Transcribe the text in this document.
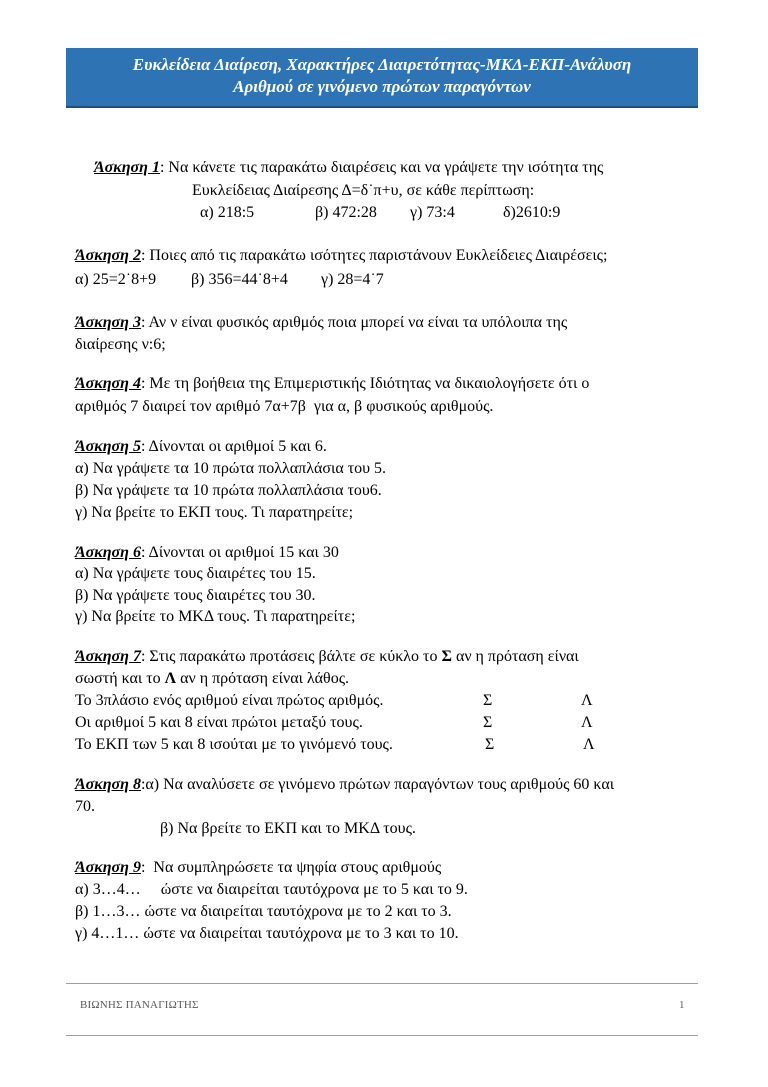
Ευκλείδεια Διαίρεση, Χαρακτήρες Διαιρετότητας-ΜΚΔ-ΕΚΠ-Ανάλυση
Αριθμού σε γινόμενο πρώτων παραγόντων
Άσκηση 1: Να κάνετε τις παρακάτω διαιρέσεις και να γράψετε την ισότητα της
Ευκλείδειας Διαίρεσης Δ=δ˙π+υ, σε κάθε περίπτωση:
α) 218:5	β) 472:28 γ) 73:4	δ)2610:9
Άσκηση 2: Ποιες από τις παρακάτω ισότητες παριστάνουν Ευκλείδειες Διαιρέσεις;
α) 25=2˙8+9 β) 356=44˙8+4 γ) 28=4˙7
Άσκηση 3: Αν ν είναι φυσικός αριθμός ποια μπορεί να είναι τα υπόλοιπα της
διαίρεσης ν:6;
Άσκηση 4: Με τη βοήθεια της Επιμεριστικής Ιδιότητας να δικαιολογήσετε ότι ο
αριθμός 7 διαιρεί τον αριθμό 7α+7β  για α, β φυσικούς αριθμούς.
Άσκηση 5: Δίνονται οι αριθμοί 5 και 6.
α) Να γράψετε τα 10 πρώτα πολλαπλάσια του 5.
β) Να γράψετε τα 10 πρώτα πολλαπλάσια του6.
γ) Να βρείτε το ΕΚΠ τους. Τι παρατηρείτε;
Άσκηση 6: Δίνονται οι αριθμοί 15 και 30
α) Να γράψετε τους διαιρέτες του 15.
β) Να γράψετε τους διαιρέτες του 30.
γ) Να βρείτε το ΜΚΔ τους. Τι παρατηρείτε;
Άσκηση 7: Στις παρακάτω προτάσεις βάλτε σε κύκλο το Σ αν η πρόταση είναι
σωστή και το Λ αν η πρόταση είναι λάθος.
Το 3πλάσιο ενός αριθμού είναι πρώτος αριθμός.	Σ	Λ
Οι αριθμοί 5 και 8 είναι πρώτοι μεταξύ τους.	Σ	Λ
Το ΕΚΠ των 5 και 8 ισούται με το γινόμενό τους.	Σ	Λ
Άσκηση 8:α) Να αναλύσετε σε γινόμενο πρώτων παραγόντων τους αριθμούς 60 και
70.
β) Να βρείτε το ΕΚΠ και το ΜΚΔ τους.
Άσκηση 9:  Να συμπληρώσετε τα ψηφία στους αριθμούς
α) 3…4…     ώστε να διαιρείται ταυτόχρονα με το 5 και το 9.
β) 1…3… ώστε να διαιρείται ταυτόχρονα με το 2 και το 3.
γ) 4…1… ώστε να διαιρείται ταυτόχρονα με το 3 και το 10.
ΒΙΩΝΗΣ ΠΑΝΑΓΙΩΤΗΣ	1
